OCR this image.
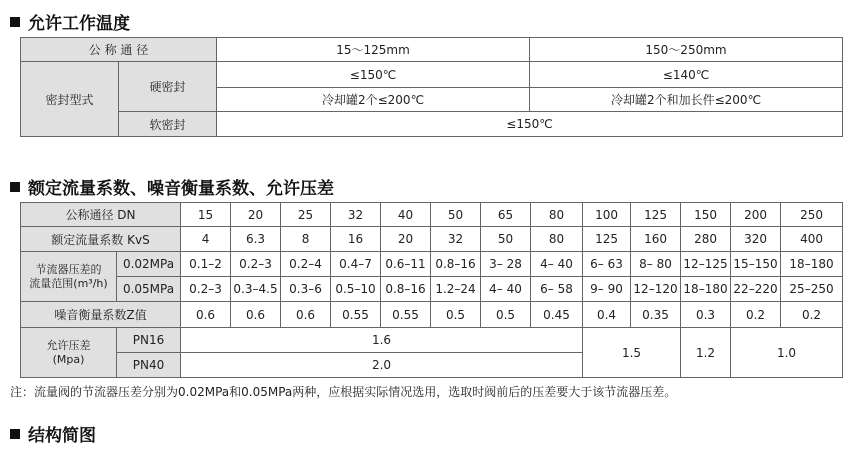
允许工作温度
公 称 通 径		15～125mm	150～250mm
密封型式	硬密封	≤150℃	≤140℃
		冷却罐2个≤200℃	冷却罐2个和加长件≤200℃
	软密封	≤150℃	
额定流量系数、噪音衡量系数、允许压差
公称通径 DN		15	20	25	32	40	50	65	80	100	125	150	200	250
额定流量系数 KvS		4	6.3	8	16	20	32	50	80	125	160	280	320	400

节流器压差的
流量范围(m³/h)	0.02MPa	0.1–2	0.2–3	0.2–4	0.4–7	0.6–11	0.8–16	3– 28	4– 40	6– 63	8– 80	12–125	15–150	18–180
	0.05MPa	0.2–3	0.3–4.5	0.3–6	0.5–10	0.8–16	1.2–24	4– 40	6– 58	9– 90	12–120	18–180	22–220	25–250
噪音衡量系数Z值		0.6	0.6	0.6	0.55	0.55	0.5	0.5	0.45	0.4	0.35	0.3	0.2	0.2

允许压差
(Mpa)	PN16	1.6								1.5		1.2	1.0	
	PN40	2.0												
注：流量阀的节流器压差分别为0.02MPa和0.05MPa两种，应根据实际情况选用，选取时阀前后的压差要大于该节流器压差。
结构简图
